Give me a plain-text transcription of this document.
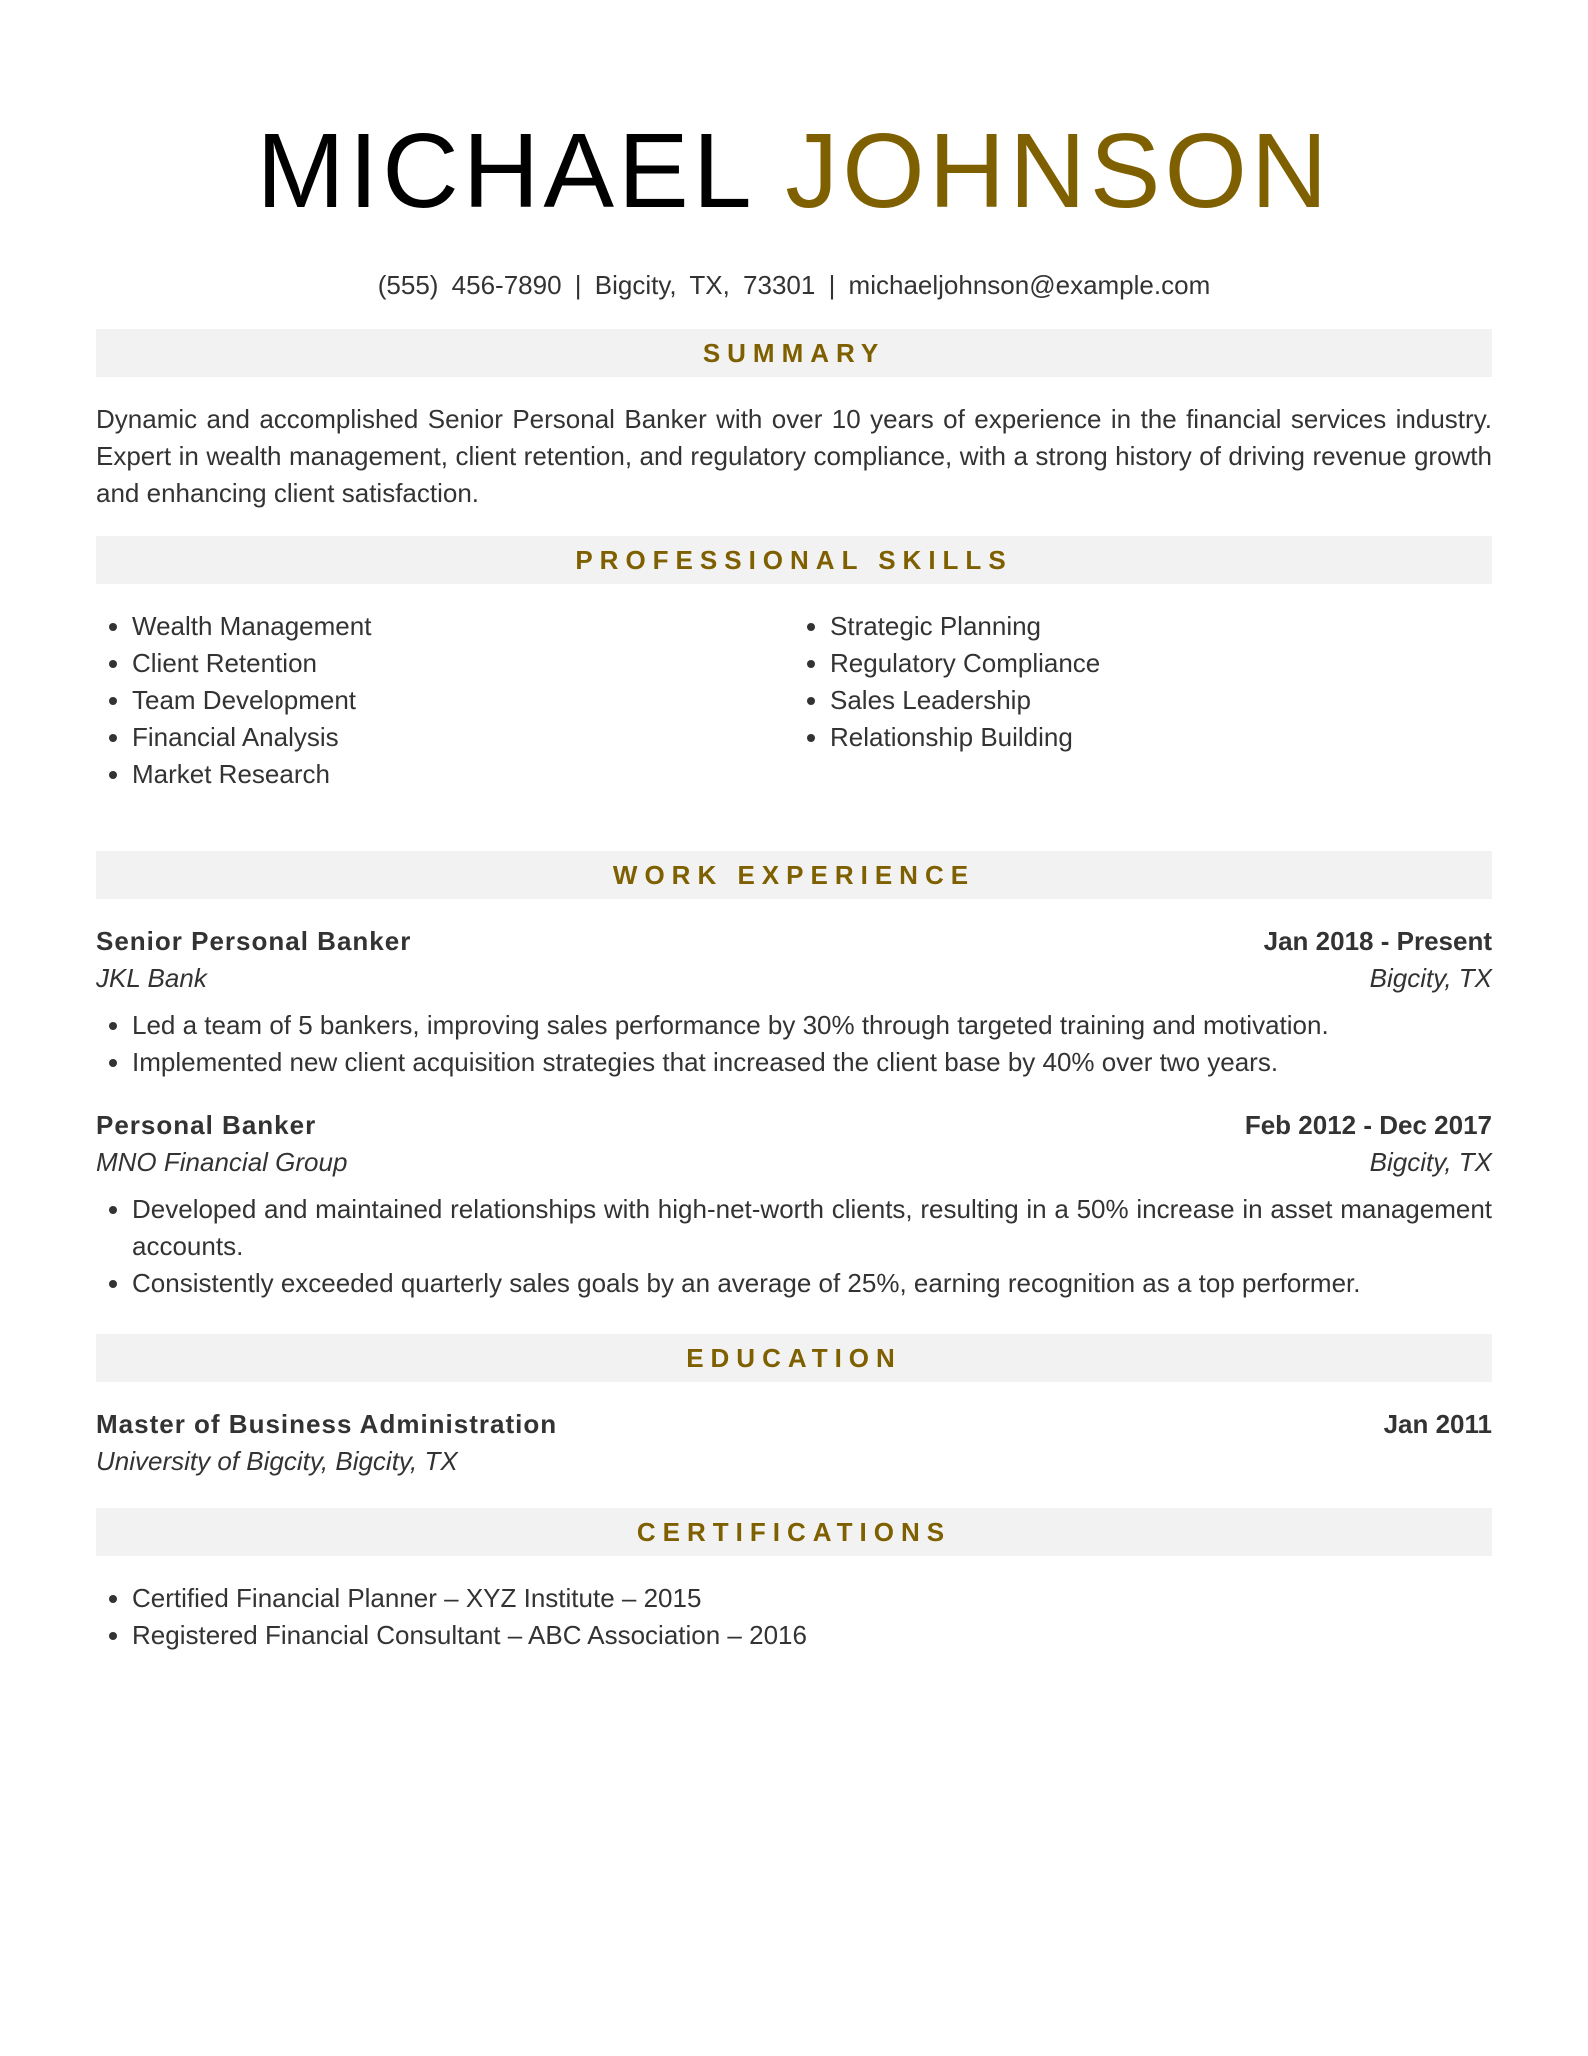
MICHAEL JOHNSON
(555) 456-7890 | Bigcity, TX, 73301 | michaeljohnson@example.com
SUMMARY

Dynamic and accomplished Senior Personal Banker with over 10 years of experience in the financial services industry. Expert in wealth management, client retention, and regulatory compliance, with a strong history of driving revenue growth and enhancing client satisfaction.

PROFESSIONAL SKILLS
• Wealth Management
• Client Retention
• Team Development
• Financial Analysis
• Market Research
• Strategic Planning
• Regulatory Compliance
• Sales Leadership
• Relationship Building
WORK EXPERIENCE
Senior Personal Banker	Jan 2018 - Present
JKL Bank	Bigcity, TX
• Led a team of 5 bankers, improving sales performance by 30% through targeted training and motivation.
• Implemented new client acquisition strategies that increased the client base by 40% over two years.
Personal Banker	Feb 2012 - Dec 2017
MNO Financial Group	Bigcity, TX
• Developed and maintained relationships with high-net-worth clients, resulting in a 50% increase in asset management accounts.
• Consistently exceeded quarterly sales goals by an average of 25%, earning recognition as a top performer.
EDUCATION
Master of Business Administration	Jan 2011
University of Bigcity, Bigcity, TX
CERTIFICATIONS
• Certified Financial Planner – XYZ Institute – 2015
• Registered Financial Consultant – ABC Association – 2016
